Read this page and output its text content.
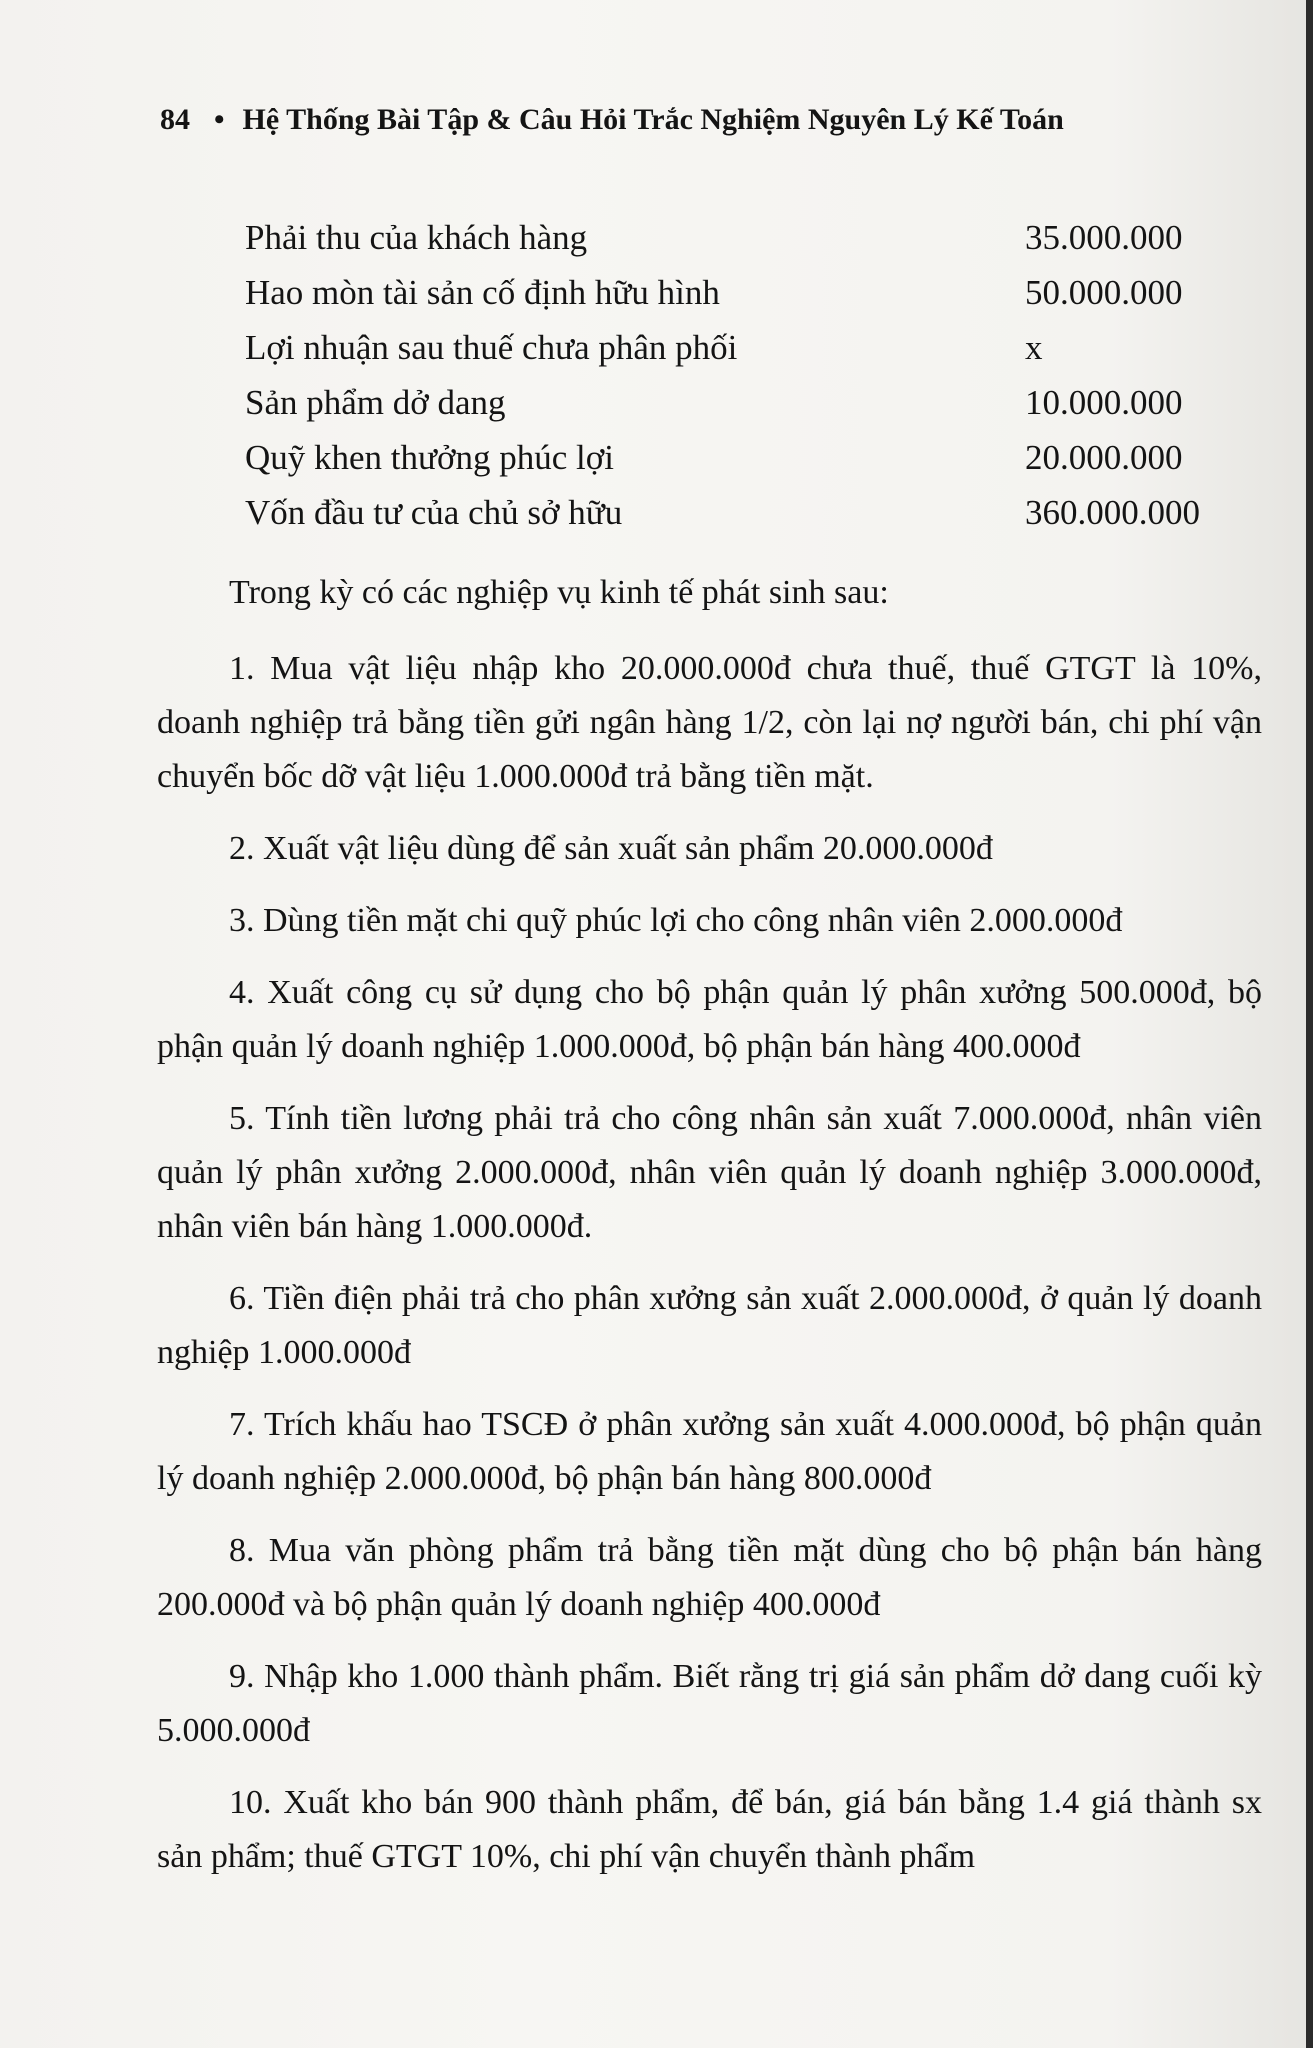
84 • Hệ Thống Bài Tập & Câu Hỏi Trắc Nghiệm Nguyên Lý Kế Toán
Phải thu của khách hàng	35.000.000
Hao mòn tài sản cố định hữu hình	50.000.000
Lợi nhuận sau thuế chưa phân phối	x
Sản phẩm dở dang	10.000.000
Quỹ khen thưởng phúc lợi	20.000.000
Vốn đầu tư của chủ sở hữu	360.000.000

Trong kỳ có các nghiệp vụ kinh tế phát sinh sau:

1. Mua vật liệu nhập kho 20.000.000đ chưa thuế, thuế GTGT là 10%, doanh nghiệp trả bằng tiền gửi ngân hàng 1/2, còn lại nợ người bán, chi phí vận chuyển bốc dỡ vật liệu 1.000.000đ trả bằng tiền mặt.

2. Xuất vật liệu dùng để sản xuất sản phẩm 20.000.000đ

3. Dùng tiền mặt chi quỹ phúc lợi cho công nhân viên 2.000.000đ

4. Xuất công cụ sử dụng cho bộ phận quản lý phân xưởng 500.000đ, bộ phận quản lý doanh nghiệp 1.000.000đ, bộ phận bán hàng 400.000đ

5. Tính tiền lương phải trả cho công nhân sản xuất 7.000.000đ, nhân viên quản lý phân xưởng 2.000.000đ, nhân viên quản lý doanh nghiệp 3.000.000đ, nhân viên bán hàng 1.000.000đ.

6. Tiền điện phải trả cho phân xưởng sản xuất 2.000.000đ, ở quản lý doanh nghiệp 1.000.000đ

7. Trích khấu hao TSCĐ ở phân xưởng sản xuất 4.000.000đ, bộ phận quản lý doanh nghiệp 2.000.000đ, bộ phận bán hàng 800.000đ

8. Mua văn phòng phẩm trả bằng tiền mặt dùng cho bộ phận bán hàng 200.000đ và bộ phận quản lý doanh nghiệp 400.000đ

9. Nhập kho 1.000 thành phẩm. Biết rằng trị giá sản phẩm dở dang cuối kỳ 5.000.000đ

10. Xuất kho bán 900 thành phẩm, để bán, giá bán bằng 1.4 giá thành sx sản phẩm; thuế GTGT 10%, chi phí vận chuyển thành phẩm
